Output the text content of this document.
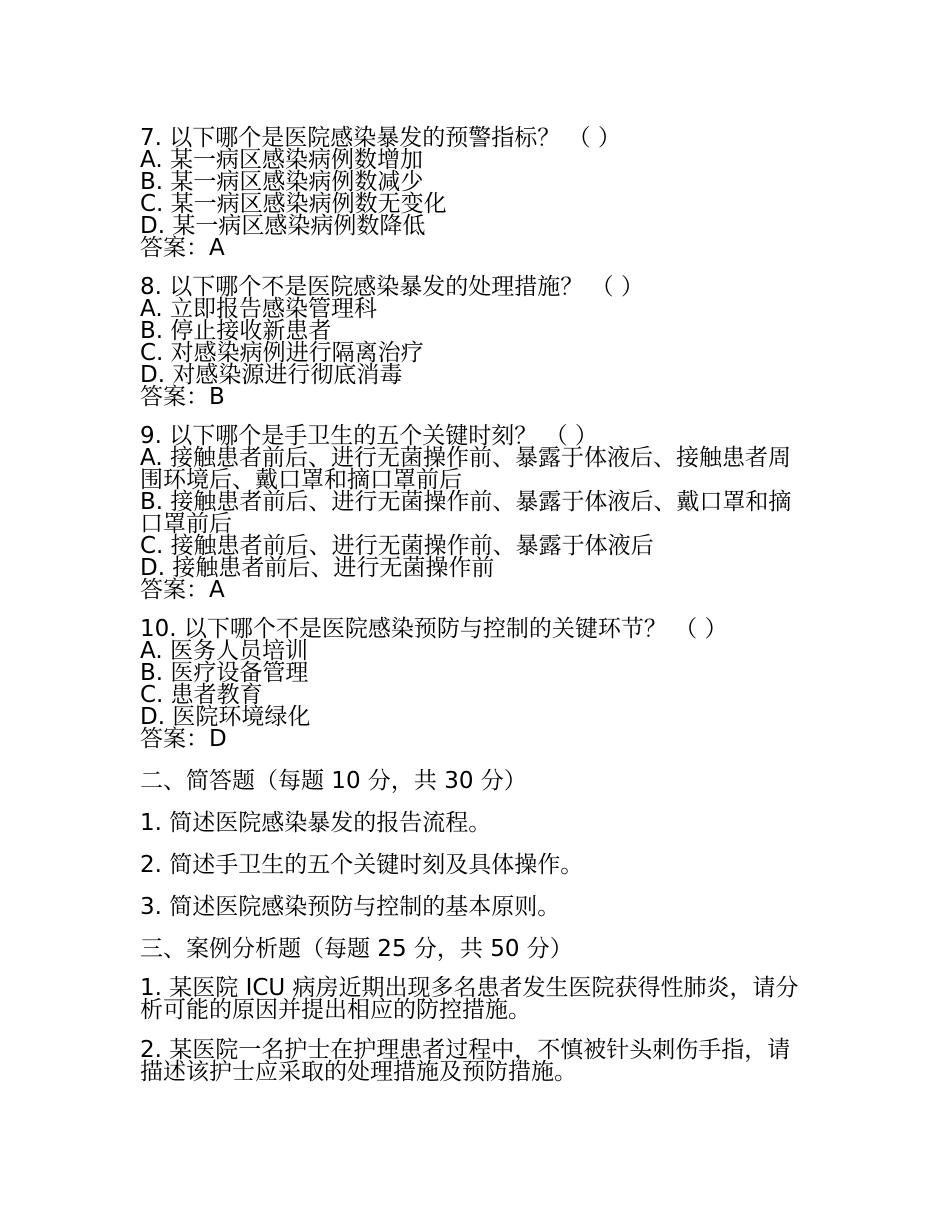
7. 以下哪个是医院感染暴发的预警指标？ （ ）
A. 某一病区感染病例数增加
B. 某一病区感染病例数减少
C. 某一病区感染病例数无变化
D. 某一病区感染病例数降低
答案：A
8. 以下哪个不是医院感染暴发的处理措施？ （ ）
A. 立即报告感染管理科
B. 停止接收新患者
C. 对感染病例进行隔离治疗
D. 对感染源进行彻底消毒
答案：B
9. 以下哪个是手卫生的五个关键时刻？ （ ）
A. 接触患者前后、进行无菌操作前、暴露于体液后、接触患者周围环境后、戴口罩和摘口罩前后
B. 接触患者前后、进行无菌操作前、暴露于体液后、戴口罩和摘口罩前后
C. 接触患者前后、进行无菌操作前、暴露于体液后
D. 接触患者前后、进行无菌操作前
答案：A
10. 以下哪个不是医院感染预防与控制的关键环节？ （ ）
A. 医务人员培训
B. 医疗设备管理
C. 患者教育
D. 医院环境绿化
答案：D
二、简答题（每题 10 分，共 30 分）
1. 简述医院感染暴发的报告流程。
2. 简述手卫生的五个关键时刻及具体操作。
3. 简述医院感染预防与控制的基本原则。
三、案例分析题（每题 25 分，共 50 分）
1. 某医院 ICU 病房近期出现多名患者发生医院获得性肺炎，请分析可能的原因并提出相应的防控措施。
2. 某医院一名护士在护理患者过程中，不慎被针头刺伤手指，请描述该护士应采取的处理措施及预防措施。
